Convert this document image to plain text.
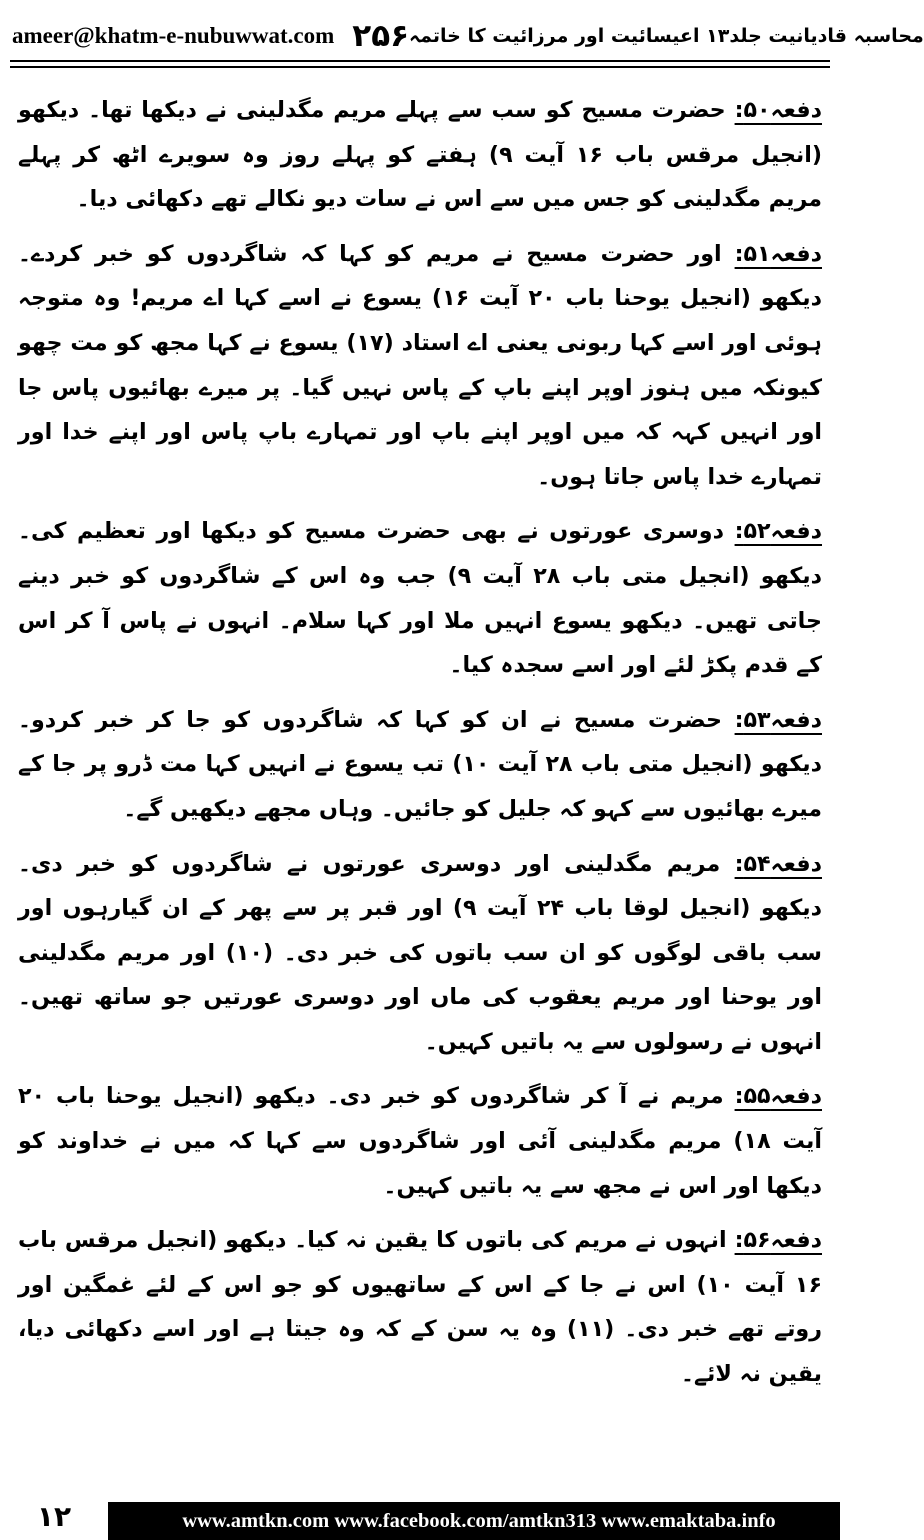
ameer@khatm-e-nubuwwat.com ۲۵۶ محاسبہ قادیانیت جلد۱۳ اعیسائیت اور مرزائیت کا خاتمہ

دفعہ۵۰: حضرت مسیح کو سب سے پہلے مریم مگدلینی نے دیکھا تھا۔ دیکھو (انجیل مرقس باب ۱۶ آیت ۹) ہفتے کو پہلے روز وہ سویرے اٹھ کر پہلے مریم مگدلینی کو جس میں سے اس نے سات دیو نکالے تھے دکھائی دیا۔

دفعہ۵۱: اور حضرت مسیح نے مریم کو کہا کہ شاگردوں کو خبر کردے۔ دیکھو (انجیل یوحنا باب ۲۰ آیت ۱۶) یسوع نے اسے کہا اے مریم! وہ متوجہ ہوئی اور اسے کہا ربونی یعنی اے استاد (۱۷) یسوع نے کہا مجھ کو مت چھو کیونکہ میں ہنوز اوپر اپنے باپ کے پاس نہیں گیا۔ پر میرے بھائیوں پاس جا اور انہیں کہہ کہ میں اوپر اپنے باپ اور تمہارے باپ پاس اور اپنے خدا اور تمہارے خدا پاس جاتا ہوں۔

دفعہ۵۲: دوسری عورتوں نے بھی حضرت مسیح کو دیکھا اور تعظیم کی۔ دیکھو (انجیل متی باب ۲۸ آیت ۹) جب وہ اس کے شاگردوں کو خبر دینے جاتی تھیں۔ دیکھو یسوع انہیں ملا اور کہا سلام۔ انہوں نے پاس آ کر اس کے قدم پکڑ لئے اور اسے سجدہ کیا۔

دفعہ۵۳: حضرت مسیح نے ان کو کہا کہ شاگردوں کو جا کر خبر کردو۔ دیکھو (انجیل متی باب ۲۸ آیت ۱۰) تب یسوع نے انہیں کہا مت ڈرو پر جا کے میرے بھائیوں سے کہو کہ جلیل کو جائیں۔ وہاں مجھے دیکھیں گے۔

دفعہ۵۴: مریم مگدلینی اور دوسری عورتوں نے شاگردوں کو خبر دی۔ دیکھو (انجیل لوقا باب ۲۴ آیت ۹) اور قبر پر سے پھر کے ان گیارہوں اور سب باقی لوگوں کو ان سب باتوں کی خبر دی۔ (۱۰) اور مریم مگدلینی اور یوحنا اور مریم یعقوب کی ماں اور دوسری عورتیں جو ساتھ تھیں۔ انہوں نے رسولوں سے یہ باتیں کہیں۔

دفعہ۵۵: مریم نے آ کر شاگردوں کو خبر دی۔ دیکھو (انجیل یوحنا باب ۲۰ آیت ۱۸) مریم مگدلینی آئی اور شاگردوں سے کہا کہ میں نے خداوند کو دیکھا اور اس نے مجھ سے یہ باتیں کہیں۔

دفعہ۵۶: انہوں نے مریم کی باتوں کا یقین نہ کیا۔ دیکھو (انجیل مرقس باب ۱۶ آیت ۱۰) اس نے جا کے اس کے ساتھیوں کو جو اس کے لئے غمگین اور روتے تھے خبر دی۔ (۱۱) وہ یہ سن کے کہ وہ جیتا ہے اور اسے دکھائی دیا، یقین نہ لائے۔

۱۲	www.amtkn.com www.facebook.com/amtkn313 www.emaktaba.info
